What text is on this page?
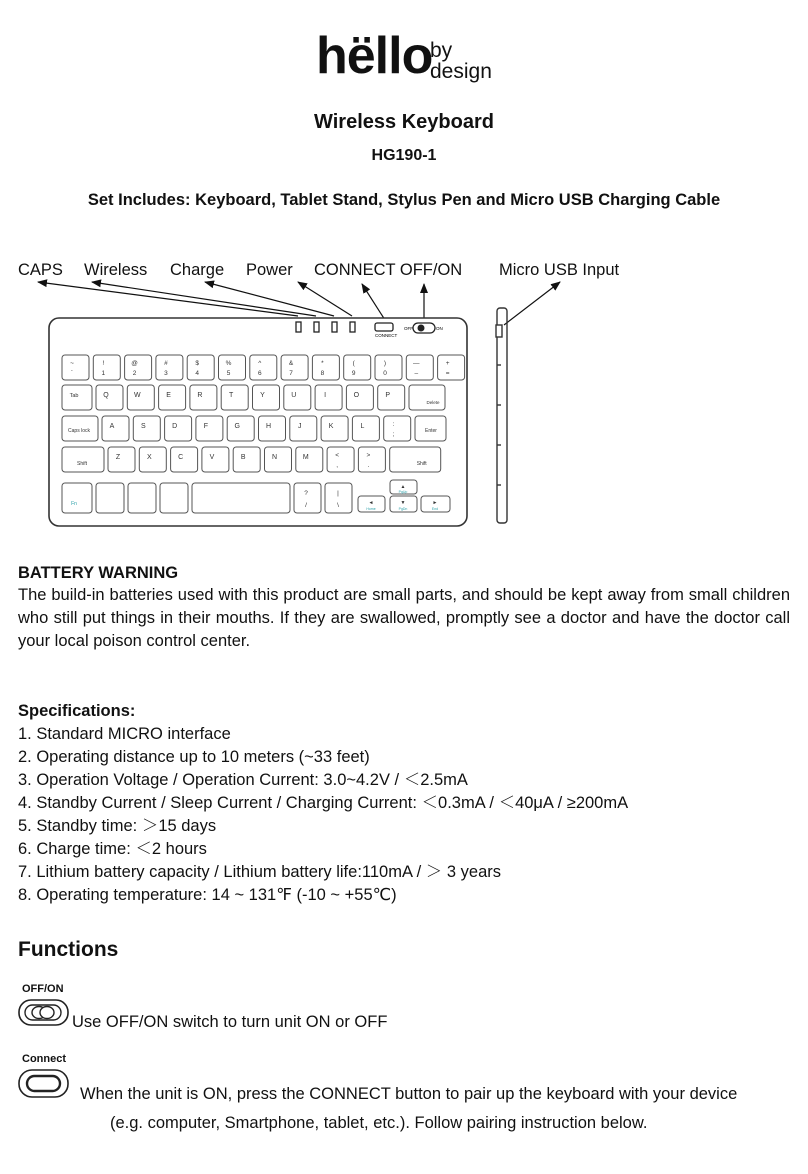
hëllo
by
design
Wireless Keyboard
HG190-1
Set Includes: Keyboard, Tablet Stand, Stylus Pen and Micro USB Charging Cable
CAPS Wireless Charge Power CONNECT OFF/ON Micro USB Input
CONNECT
OFF	ON
~
`
!
1
@
2
#
3
$
4
%
5
^
6
&
7
*
8
(
9
)
0
—
–
+
=
Tab	Q	W	E	R	T	Y	U	I	O	P
Delete
Caps lock
A	S	D	F	G	H	J	K	L	:
;	Enter
Shift
Z	X	C	V	B	N	M	<
,
>
.	Shift
Fn
?
/
|
\	◄
Home
▲
PgUp
▼
PgDn
►
End
BATTERY WARNING
The build-in batteries used with this product are small parts, and should be kept away from small children who still put things in their mouths. If they are swallowed, promptly see a doctor and have the doctor call your local poison control center.
Specifications:
1. Standard MICRO interface
2. Operating distance up to 10 meters (~33 feet)
3. Operation Voltage / Operation Current: 3.0~4.2V / ＜2.5mA
4. Standby Current / Sleep Current / Charging Current: ＜0.3mA / ＜40μA / ≥200mA
5. Standby time: ＞15 days
6. Charge time: ＜2 hours
7. Lithium battery capacity / Lithium battery life:110mA / ＞ 3 years
8. Operating temperature: 14 ~ 131℉ (-10 ~ +55℃)
Functions
OFF/ON
Use OFF/ON switch to turn unit ON or OFF
Connect
When the unit is ON, press the CONNECT button to pair up the keyboard with your device
(e.g. computer, Smartphone, tablet, etc.). Follow pairing instruction below.
